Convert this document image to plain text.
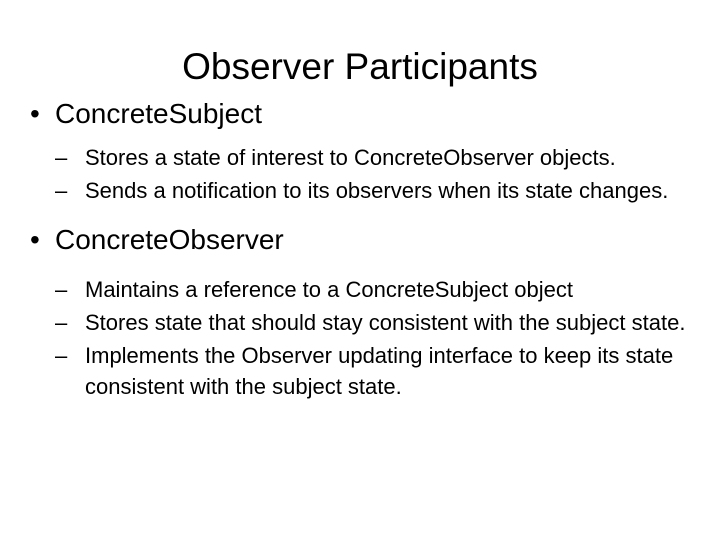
Observer Participants
• ConcreteSubject
– Stores a state of interest to ConcreteObserver objects.
– Sends a notification to its observers when its state changes.
• ConcreteObserver
– Maintains a reference to a ConcreteSubject object
– Stores state that should stay consistent with the subject state.
– Implements the Observer updating interface to keep its state consistent with the subject state.
